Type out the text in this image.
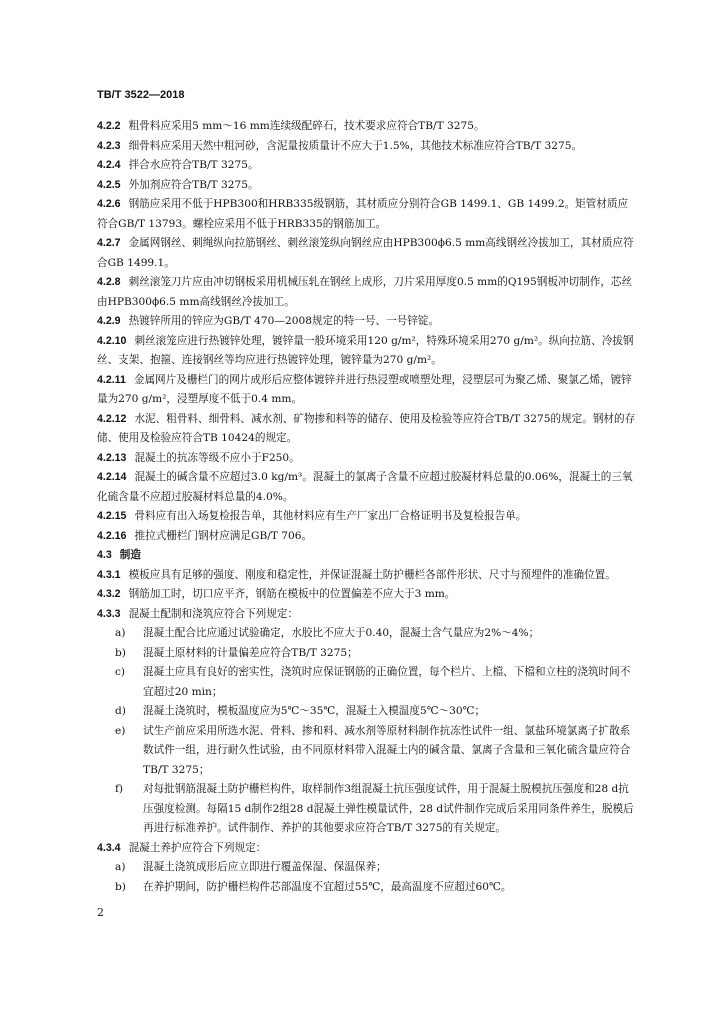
TB/T 3522—2018

4.2.2 粗骨料应采用5 mm～16 mm连续级配碎石，技术要求应符合TB/T 3275。

4.2.3 细骨料应采用天然中粗河砂，含泥量按质量计不应大于1.5%，其他技术标准应符合TB/T 3275。

4.2.4 拌合水应符合TB/T 3275。

4.2.5 外加剂应符合TB/T 3275。

4.2.6 钢筋应采用不低于HPB300和HRB335级钢筋，其材质应分别符合GB 1499.1、GB 1499.2。矩管材质应符合GB/T 13793。螺栓应采用不低于HRB335的钢筋加工。

4.2.7 金属网钢丝、刺绳纵向拉筋钢丝、刺丝滚笼纵向钢丝应由HPB300ϕ6.5 mm高线钢丝冷拔加工，其材质应符合GB 1499.1。

4.2.8 刺丝滚笼刀片应由冲切钢板采用机械压轧在钢丝上成形，刀片采用厚度0.5 mm的Q195钢板冲切制作，芯丝由HPB300ϕ6.5 mm高线钢丝冷拔加工。

4.2.9 热镀锌所用的锌应为GB/T 470—2008规定的特一号、一号锌锭。

4.2.10 刺丝滚笼应进行热镀锌处理，镀锌量一般环境采用120 g/m²，特殊环境采用270 g/m²。纵向拉筋、冷拔钢丝、支架、抱箍、连接钢丝等均应进行热镀锌处理，镀锌量为270 g/m²。

4.2.11 金属网片及栅栏门的网片成形后应整体镀锌并进行热浸塑或喷塑处理，浸塑层可为聚乙烯、聚氯乙烯，镀锌量为270 g/m²，浸塑厚度不低于0.4 mm。

4.2.12 水泥、粗骨料、细骨料、减水剂、矿物掺和料等的储存、使用及检验等应符合TB/T 3275的规定。钢材的存储、使用及检验应符合TB 10424的规定。

4.2.13 混凝土的抗冻等级不应小于F250。

4.2.14 混凝土的碱含量不应超过3.0 kg/m³。混凝土的氯离子含量不应超过胶凝材料总量的0.06%，混凝土的三氧化硫含量不应超过胶凝材料总量的4.0%。

4.2.15 骨料应有出入场复检报告单，其他材料应有生产厂家出厂合格证明书及复检报告单。

4.2.16 推拉式栅栏门钢材应满足GB/T 706。

4.3 制造

4.3.1 模板应具有足够的强度、刚度和稳定性，并保证混凝土防护栅栏各部件形状、尺寸与预埋件的准确位置。

4.3.2 钢筋加工时，切口应平齐，钢筋在模板中的位置偏差不应大于3 mm。

4.3.3 混凝土配制和浇筑应符合下列规定：

a)	混凝土配合比应通过试验确定，水胶比不应大于0.40，混凝土含气量应为2%～4%；
b)	混凝土原材料的计量偏差应符合TB/T 3275；
c)	混凝土应具有良好的密实性，浇筑时应保证钢筋的正确位置，每个栏片、上檔、下檔和立柱的浇筑时间不宜超过20 min；
d)	混凝土浇筑时，模板温度应为5℃～35℃，混凝土入模温度5℃～30℃；
e)	试生产前应采用所选水泥、骨料、掺和料、减水剂等原材料制作抗冻性试件一组、氯盐环境氯离子扩散系数试件一组，进行耐久性试验，由不同原材料带入混凝土内的碱含量、氯离子含量和三氧化硫含量应符合TB/T 3275；
f)	对每批钢筋混凝土防护栅栏构件，取样制作3组混凝土抗压强度试件，用于混凝土脱模抗压强度和28 d抗压强度检测。每隔15 d制作2组28 d混凝土弹性模量试件，28 d试件制作完成后采用同条件养生，脱模后再进行标准养护。试件制作、养护的其他要求应符合TB/T 3275的有关规定。

4.3.4 混凝土养护应符合下列规定：

a)	混凝土浇筑成形后应立即进行覆盖保湿、保温保养；
b)	在养护期间，防护栅栏构件芯部温度不宜超过55℃，最高温度不应超过60℃。
2
